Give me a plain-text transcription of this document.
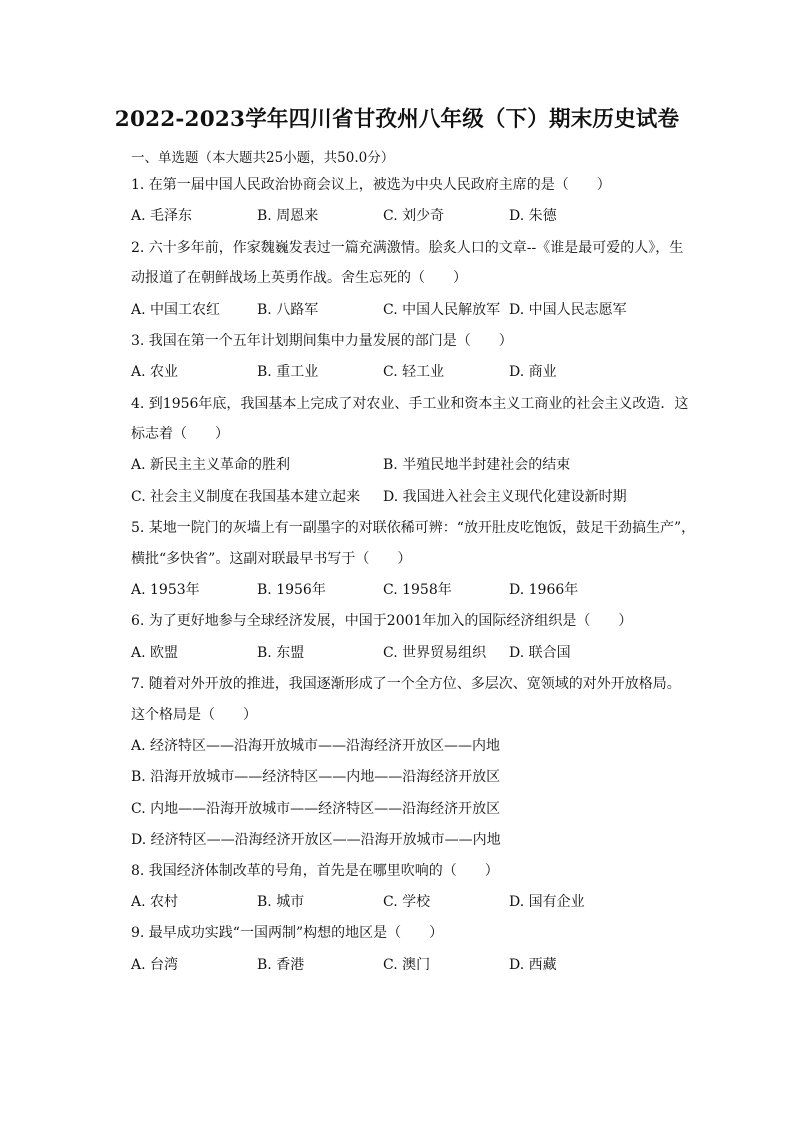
2022-2023学年四川省甘孜州八年级（下）期末历史试卷
一、单选题（本大题共25小题，共50.0分）
1. 在第一届中国人民政治协商会议上，被选为中央人民政府主席的是（　　）
A. 毛泽东	B. 周恩来	C. 刘少奇	D. 朱德
2. 六十多年前，作家魏巍发表过一篇充满激情。脍炙人口的文章--《谁是最可爱的人》，生
动报道了在朝鲜战场上英勇作战。舍生忘死的（　　）
A. 中国工农红	B. 八路军	C. 中国人民解放军 D. 中国人民志愿军
3. 我国在第一个五年计划期间集中力量发展的部门是（　　）
A. 农业	B. 重工业	C. 轻工业	D. 商业
4. 到1956年底，我国基本上完成了对农业、手工业和资本主义工商业的社会主义改造．这
标志着（　　）
A. 新民主主义革命的胜利	B. 半殖民地半封建社会的结束
C. 社会主义制度在我国基本建立起来 D. 我国进入社会主义现代化建设新时期
5. 某地一院门的灰墙上有一副墨字的对联依稀可辨：“放开肚皮吃饱饭，鼓足干劲搞生产”，
横批“多快省”。这副对联最早书写于（　　）
A. 1953年	B. 1956年	C. 1958年	D. 1966年
6. 为了更好地参与全球经济发展，中国于2001年加入的国际经济组织是（　　）
A. 欧盟	B. 东盟	C. 世界贸易组织 D. 联合国
7. 随着对外开放的推进，我国逐渐形成了一个全方位、多层次、宽领域的对外开放格局。
这个格局是（　　）
A. 经济特区——沿海开放城市——沿海经济开放区——内地
B. 沿海开放城市——经济特区——内地——沿海经济开放区
C. 内地——沿海开放城市——经济特区——沿海经济开放区
D. 经济特区——沿海经济开放区——沿海开放城市——内地
8. 我国经济体制改革的号角，首先是在哪里吹响的（　　）
A. 农村	B. 城市	C. 学校	D. 国有企业
9. 最早成功实践“一国两制”构想的地区是（　　）
A. 台湾	B. 香港	C. 澳门	D. 西藏
